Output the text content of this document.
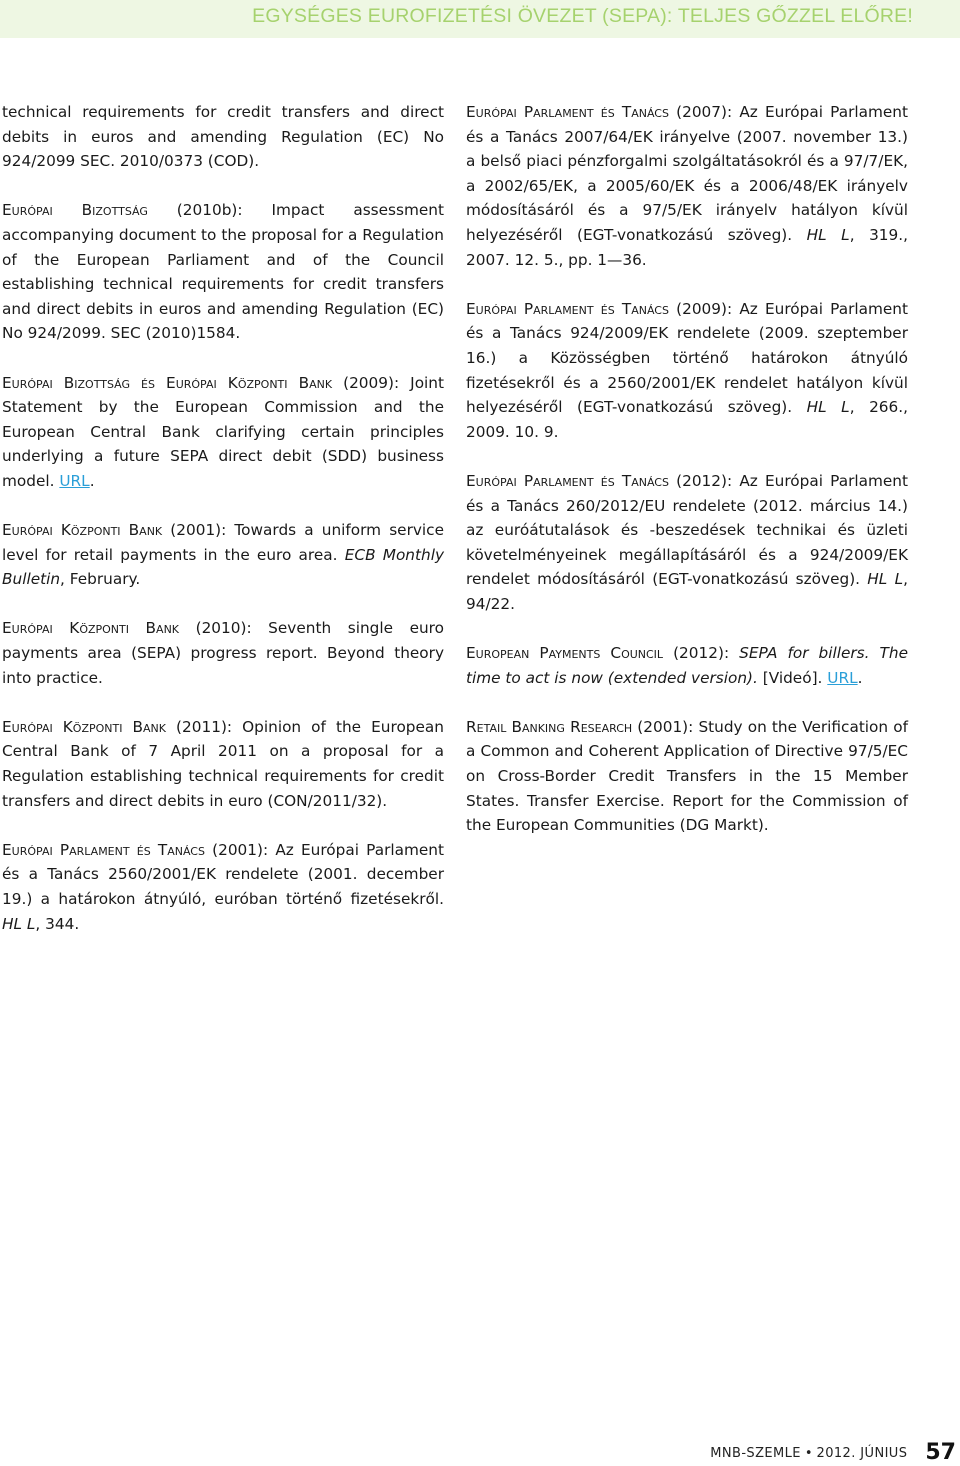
EGYSÉGES EUROFIZETÉSI ÖVEZET (SEPA): TELJES GŐZZEL ELŐRE!

technical requirements for credit transfers and direct debits in euros and amending Regulation (EC) No 924/2099 SEC. 2010/0373 (COD).

Európai Bizottság (2010b): Impact assessment accompanying document to the proposal for a Regulation of the European Parliament and of the Council establishing technical requirements for credit transfers and direct debits in euros and amending Regulation (EC) No 924/2099. SEC (2010)1584.

Európai Bizottság és Európai Központi Bank (2009): Joint Statement by the European Commission and the European Central Bank clarifying certain principles underlying a future SEPA direct debit (SDD) business model. URL.

Európai Központi Bank (2001): Towards a uniform service level for retail payments in the euro area. ECB Monthly Bulletin, February.

Európai Központi Bank (2010): Seventh single euro payments area (SEPA) progress report. Beyond theory into practice.

Európai Központi Bank (2011): Opinion of the European Central Bank of 7 April 2011 on a proposal for a Regulation establishing technical requirements for credit transfers and direct debits in euro (CON/2011/32).

Európai Parlament és Tanács (2001): Az Európai Parlament és a Tanács 2560/2001/EK rendelete (2001. december 19.) a határokon átnyúló, euróban történő fizetésekről. HL L, 344.

Európai Parlament és Tanács (2007): Az Európai Parlament és a Tanács 2007/64/EK irányelve (2007. november 13.) a belső piaci pénzforgalmi szolgáltatásokról és a 97/7/EK, a 2002/65/EK, a 2005/60/EK és a 2006/48/EK irányelv módosításáról és a 97/5/EK irányelv hatályon kívül helyezéséről (EGT-vonatkozású szöveg). HL L, 319., 2007. 12. 5., pp. 1—36.

Európai Parlament és Tanács (2009): Az Európai Parlament és a Tanács 924/2009/EK rendelete (2009. szeptember 16.) a Közösségben történő határokon átnyúló fizetésekről és a 2560/2001/EK rendelet hatályon kívül helyezéséről (EGT-vonatkozású szöveg). HL L, 266., 2009. 10. 9.

Európai Parlament és Tanács (2012): Az Európai Parlament és a Tanács 260/2012/EU rendelete (2012. március 14.) az euróátutalások és -beszedések technikai és üzleti követelményeinek megállapításáról és a 924/2009/EK rendelet módosításáról (EGT-vonatkozású szöveg). HL L, 94/22.

European Payments Council (2012): SEPA for billers. The time to act is now (extended version). [Videó]. URL.

Retail Banking Research (2001): Study on the Verification of a Common and Coherent Application of Directive 97/5/EC on Cross-Border Credit Transfers in the 15 Member States. Transfer Exercise. Report for the Commission of the European Communities (DG Markt).

MNB-SZEMLE • 2012. JÚNIUS 57
